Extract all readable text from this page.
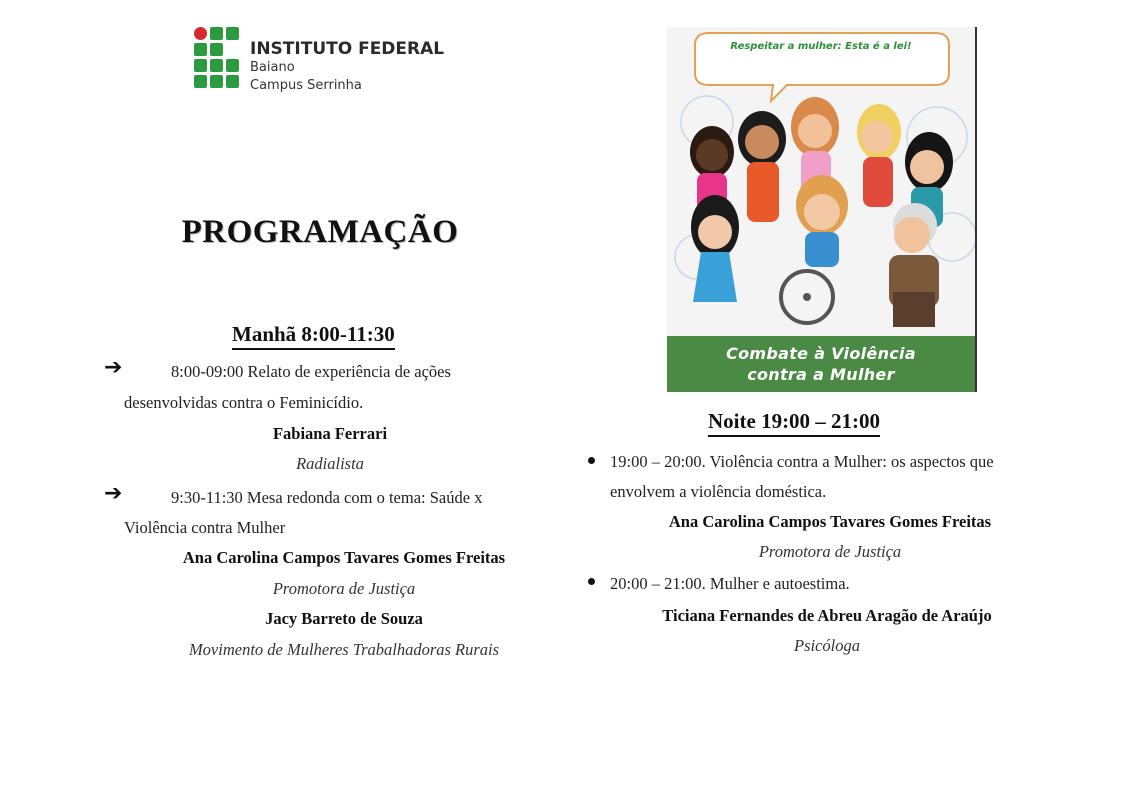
INSTITUTO FEDERAL
Baiano
Campus Serrinha
PROGRAMAÇÃO
Manhã 8:00-11:30
➔	8:00-09:00 Relato de experiência de ações
desenvolvidas contra o Feminicídio.
Fabiana Ferrari
Radialista
➔	9:30-11:30 Mesa redonda com o tema: Saúde x
Violência contra Mulher
Ana Carolina Campos Tavares Gomes Freitas
Promotora de Justiça
Jacy Barreto de Souza
Movimento de Mulheres Trabalhadoras Rurais
Respeitar a mulher: Esta é a lei!
Combate à Violência
contra a Mulher
Noite 19:00 – 21:00
19:00 – 20:00. Violência contra a Mulher: os aspectos que
envolvem a violência doméstica.
Ana Carolina Campos Tavares Gomes Freitas
Promotora de Justiça
20:00 – 21:00. Mulher e autoestima.
Ticiana Fernandes de Abreu Aragão de Araújo
Psicóloga
